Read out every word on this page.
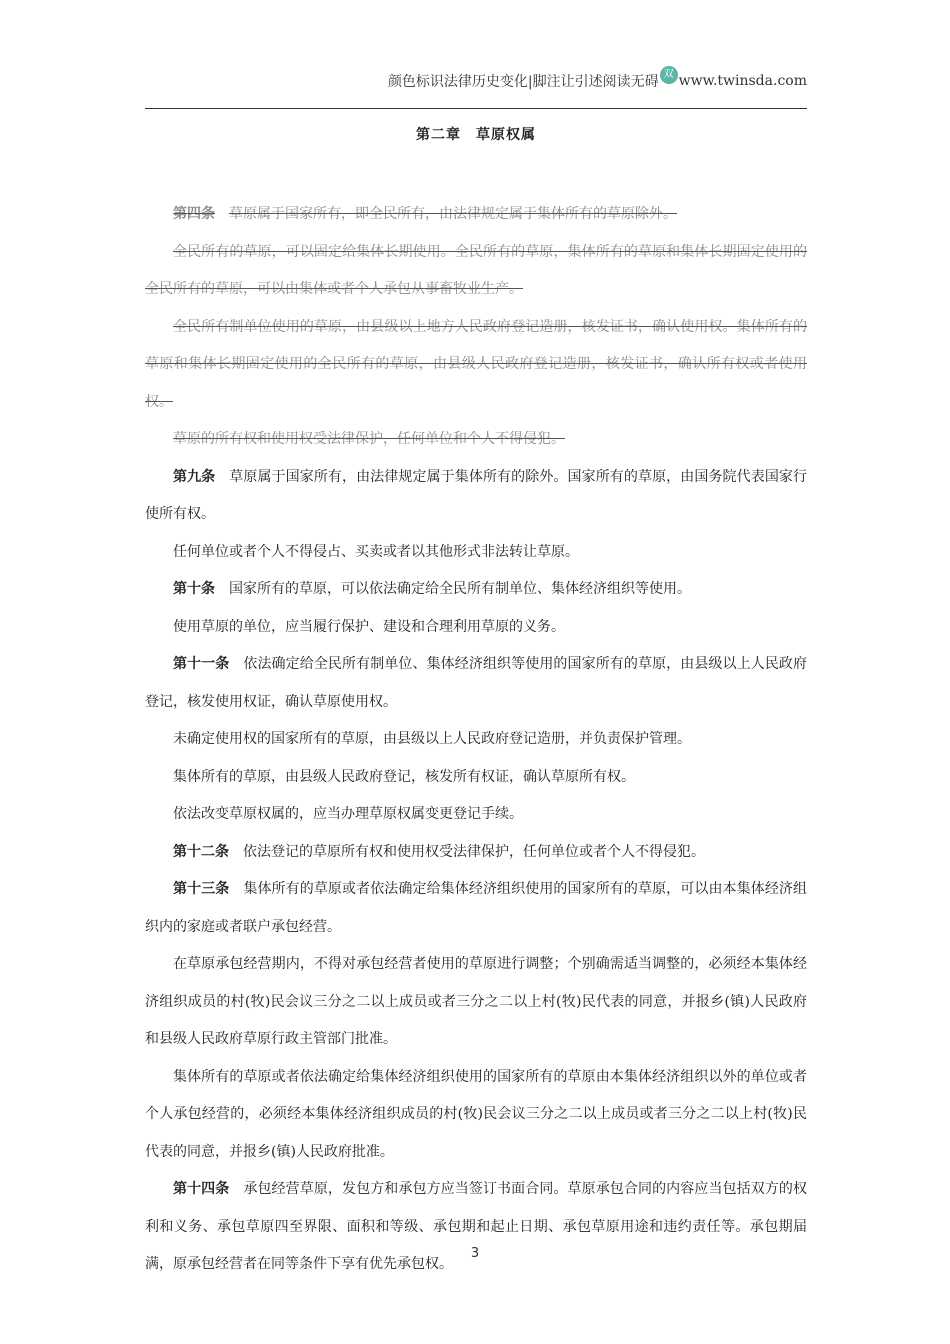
颜色标识法律历史变化|脚注让引述阅读无碍 双 www.twinsda.com
第二章　草原权属

第四条 草原属于国家所有，即全民所有，由法律规定属于集体所有的草原除外。

全民所有的草原，可以固定给集体长期使用。全民所有的草原，集体所有的草原和集体长期固定使用的全民所有的草原，可以由集体或者个人承包从事畜牧业生产。

全民所有制单位使用的草原，由县级以上地方人民政府登记造册，核发证书，确认使用权。集体所有的草原和集体长期固定使用的全民所有的草原，由县级人民政府登记造册，核发证书，确认所有权或者使用权。

草原的所有权和使用权受法律保护，任何单位和个人不得侵犯。

第九条 草原属于国家所有，由法律规定属于集体所有的除外。国家所有的草原，由国务院代表国家行使所有权。

任何单位或者个人不得侵占、买卖或者以其他形式非法转让草原。

第十条 国家所有的草原，可以依法确定给全民所有制单位、集体经济组织等使用。

使用草原的单位，应当履行保护、建设和合理利用草原的义务。

第十一条 依法确定给全民所有制单位、集体经济组织等使用的国家所有的草原，由县级以上人民政府登记，核发使用权证，确认草原使用权。

未确定使用权的国家所有的草原，由县级以上人民政府登记造册，并负责保护管理。

集体所有的草原，由县级人民政府登记，核发所有权证，确认草原所有权。

依法改变草原权属的，应当办理草原权属变更登记手续。

第十二条 依法登记的草原所有权和使用权受法律保护，任何单位或者个人不得侵犯。

第十三条 集体所有的草原或者依法确定给集体经济组织使用的国家所有的草原，可以由本集体经济组织内的家庭或者联户承包经营。

在草原承包经营期内，不得对承包经营者使用的草原进行调整；个别确需适当调整的，必须经本集体经济组织成员的村(牧)民会议三分之二以上成员或者三分之二以上村(牧)民代表的同意，并报乡(镇)人民政府和县级人民政府草原行政主管部门批准。

集体所有的草原或者依法确定给集体经济组织使用的国家所有的草原由本集体经济组织以外的单位或者个人承包经营的，必须经本集体经济组织成员的村(牧)民会议三分之二以上成员或者三分之二以上村(牧)民代表的同意，并报乡(镇)人民政府批准。

第十四条 承包经营草原，发包方和承包方应当签订书面合同。草原承包合同的内容应当包括双方的权利和义务、承包草原四至界限、面积和等级、承包期和起止日期、承包草原用途和违约责任等。承包期届满，原承包经营者在同等条件下享有优先承包权。

3
